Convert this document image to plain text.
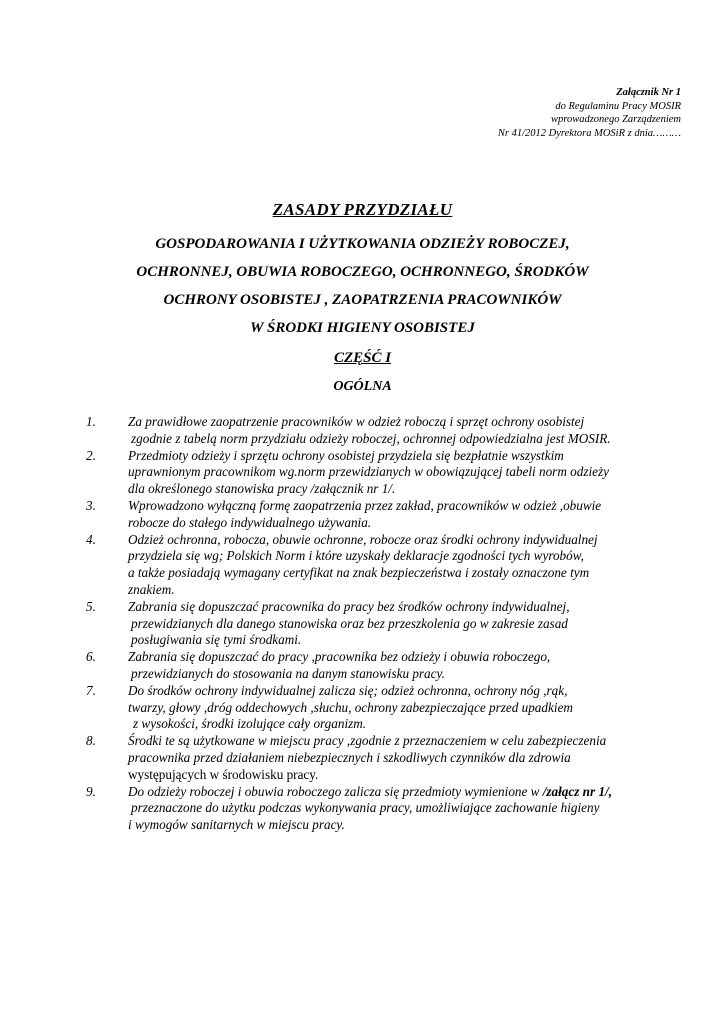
Załącznik Nr 1
do Regulaminu Pracy MOSIR
wprowadzonego Zarządzeniem
Nr 41/2012 Dyrektora MOSiR z dnia………
ZASADY PRZYDZIAŁU
GOSPODAROWANIA I UŻYTKOWANIA ODZIEŻY ROBOCZEJ,
OCHRONNEJ, OBUWIA ROBOCZEGO, OCHRONNEGO, ŚRODKÓW
OCHRONY OSOBISTEJ , ZAOPATRZENIA PRACOWNIKÓW
W ŚRODKI HIGIENY OSOBISTEJ
CZĘŚĆ I
OGÓLNA
1. Za prawidłowe zaopatrzenie pracowników w odzież roboczą i sprzęt ochrony osobistej
zgodnie z tabelą norm przydziału odzieży roboczej, ochronnej odpowiedzialna jest MOSIR.
2. Przedmioty odzieży i sprzętu ochrony osobistej przydziela się bezpłatnie wszystkim
uprawnionym pracownikom wg.norm przewidzianych w obowiązującej tabeli norm odzieży
dla określonego stanowiska pracy /załącznik nr 1/.
3. Wprowadzono wyłączną formę zaopatrzenia przez zakład, pracowników w odzież ,obuwie
robocze do stałego indywidualnego używania.
4. Odzież ochronna, robocza, obuwie ochronne, robocze oraz środki ochrony indywidualnej
przydziela się wg; Polskich Norm i które uzyskały deklaracje zgodności tych wyrobów,
a także posiadają wymagany certyfikat na znak bezpieczeństwa i zostały oznaczone tym
znakiem.
5. Zabrania się dopuszczać pracownika do pracy bez środków ochrony indywidualnej,
przewidzianych dla danego stanowiska oraz bez przeszkolenia go w zakresie zasad
posługiwania się tymi środkami.
6. Zabrania się dopuszczać do pracy ,pracownika bez odzieży i obuwia roboczego,
przewidzianych do stosowania na danym stanowisku pracy.
7. Do środków ochrony indywidualnej zalicza się; odzież ochronna, ochrony nóg ,rąk,
twarzy, głowy ,dróg oddechowych ,słuchu, ochrony zabezpieczające przed upadkiem
z wysokości, środki izolujące cały organizm.
8. Środki te są użytkowane w miejscu pracy ,zgodnie z przeznaczeniem w celu zabezpieczenia
pracownika przed działaniem niebezpiecznych i szkodliwych czynników dla zdrowia
występujących w środowisku pracy.
9. Do odzieży roboczej i obuwia roboczego zalicza się przedmioty wymienione w /załącz nr 1/,
przeznaczone do użytku podczas wykonywania pracy, umożliwiające zachowanie higieny
i wymogów sanitarnych w miejscu pracy.
